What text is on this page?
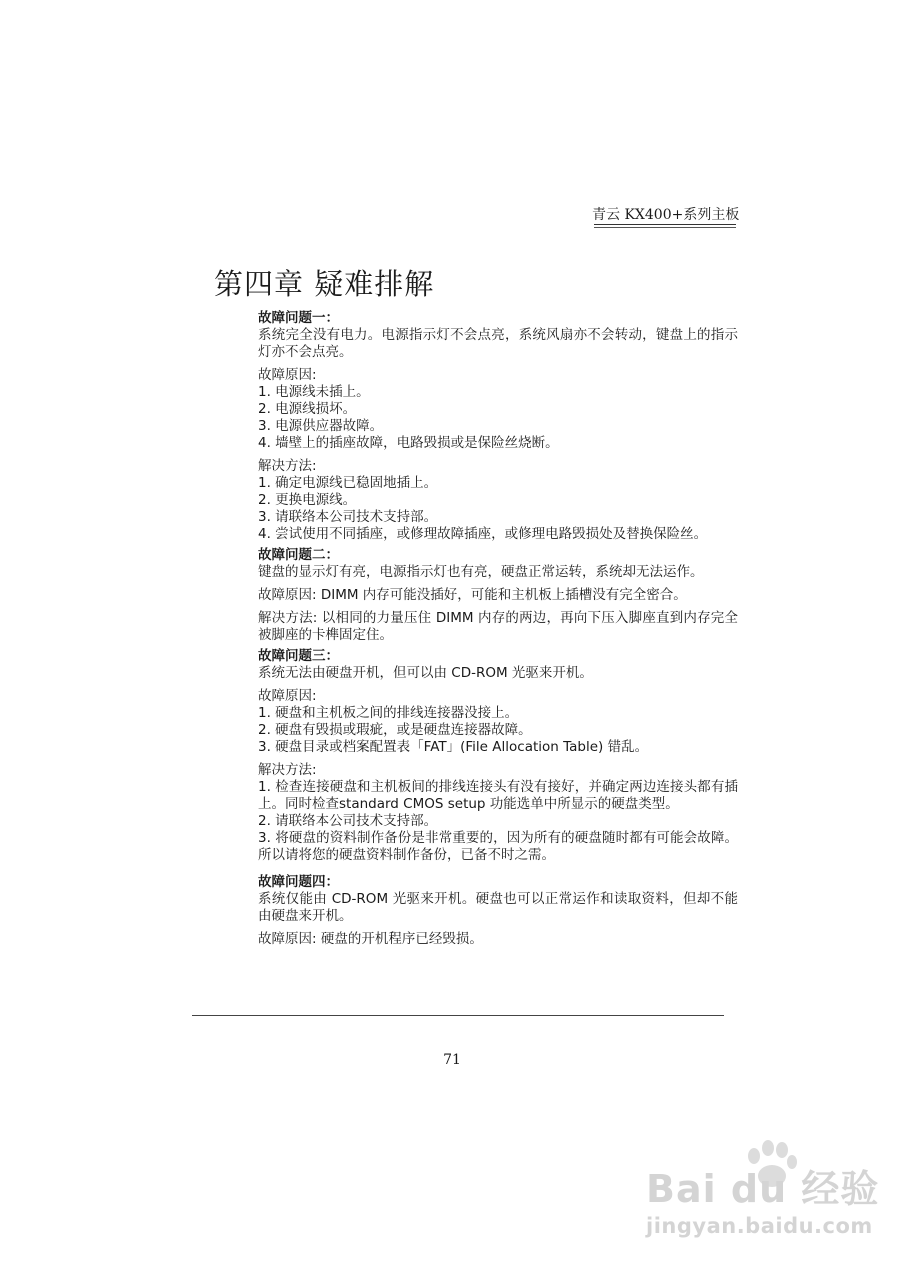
青云 KX400+系列主板
第四章 疑难排解
故障问题一：

系统完全没有电力。电源指示灯不会点亮，系统风扇亦不会转动，键盘上的指示灯亦不会点亮。

故障原因:
1. 电源线未插上。
2. 电源线损坏。
3. 电源供应器故障。
4. 墙壁上的插座故障，电路毁损或是保险丝烧断。
解决方法:
1. 确定电源线已稳固地插上。
2. 更换电源线。
3. 请联络本公司技术支持部。
4. 尝试使用不同插座，或修理故障插座，或修理电路毁损处及替换保险丝。
故障问题二：

键盘的显示灯有亮，电源指示灯也有亮，硬盘正常运转，系统却无法运作。

故障原因: DIMM 内存可能没插好，可能和主机板上插槽没有完全密合。

解决方法: 以相同的力量压住 DIMM 内存的两边，再向下压入脚座直到内存完全被脚座的卡榫固定住。

故障问题三：

系统无法由硬盘开机，但可以由 CD-ROM 光驱来开机。

故障原因:
1. 硬盘和主机板之间的排线连接器没接上。
2. 硬盘有毁损或瑕疵，或是硬盘连接器故障。
3. 硬盘目录或档案配置表「FAT」(File Allocation Table) 错乱。
解决方法:

1. 检查连接硬盘和主机板间的排线连接头有没有接好，并确定两边连接头都有插上。同时检查standard CMOS setup 功能选单中所显示的硬盘类型。

2. 请联络本公司技术支持部。

3. 将硬盘的资料制作备份是非常重要的，因为所有的硬盘随时都有可能会故障。所以请将您的硬盘资料制作备份，已备不时之需。

故障问题四：

系统仅能由 CD-ROM 光驱来开机。硬盘也可以正常运作和读取资料，但却不能由硬盘来开机。

故障原因: 硬盘的开机程序已经毁损。

71
Bai du 经验
jingyan.baidu.com
